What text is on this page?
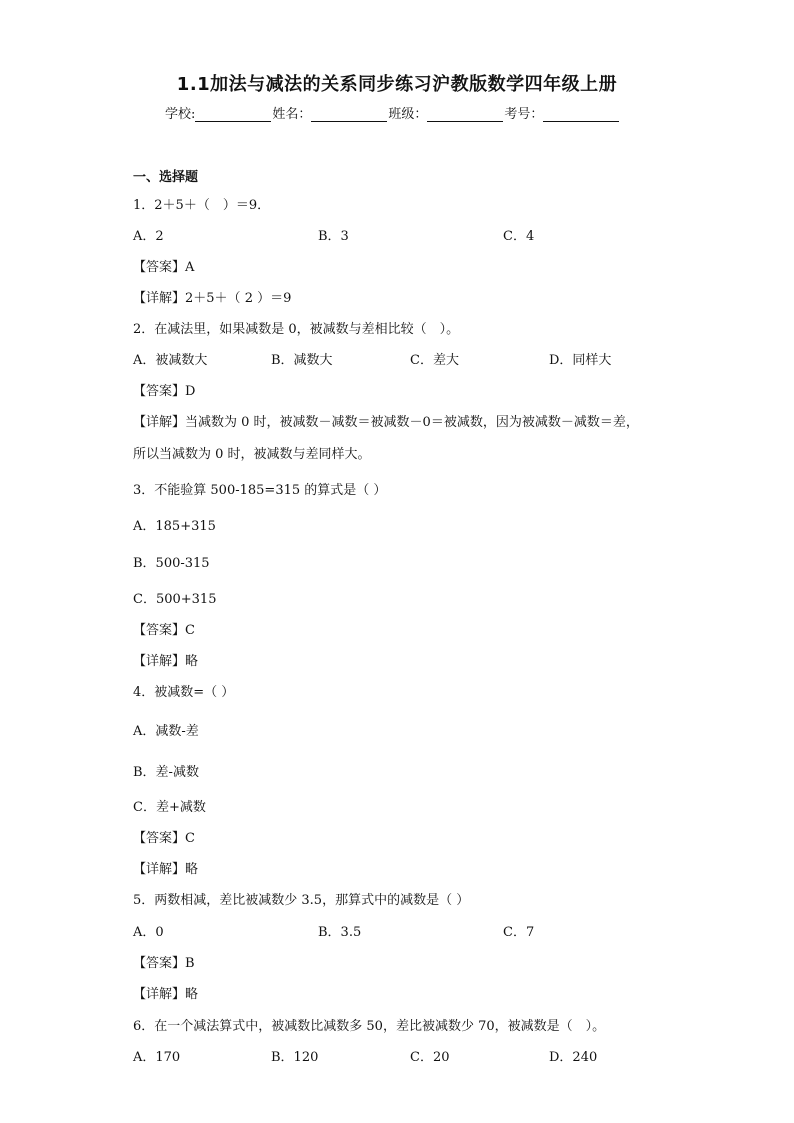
1.1加法与减法的关系同步练习沪教版数学四年级上册
学校:	姓名：	班级：	考号：
一、选择题
1．2＋5＋（　）＝9．
A．2	B．3	C．4
【答案】A
【详解】2＋5＋（ 2 ）＝9
2．在减法里，如果减数是 0，被减数与差相比较（　）。
A．被减数大	B．减数大	C．差大	D．同样大
【答案】D
【详解】当减数为 0 时，被减数－减数＝被减数－0＝被减数，因为被减数－减数＝差，
所以当减数为 0 时，被减数与差同样大。
3．不能验算 500-185=315 的算式是（ ）
A．185+315
B．500-315
C．500+315
【答案】C
【详解】略
4．被减数=（ ）
A．减数-差
B．差-减数
C．差+减数
【答案】C
【详解】略
5．两数相减，差比被减数少 3.5，那算式中的减数是（ ）
A．0	B．3.5	C．7
【答案】B
【详解】略
6．在一个减法算式中，被减数比减数多 50，差比被减数少 70，被减数是（　）。
A．170	B．120	C．20	D．240
